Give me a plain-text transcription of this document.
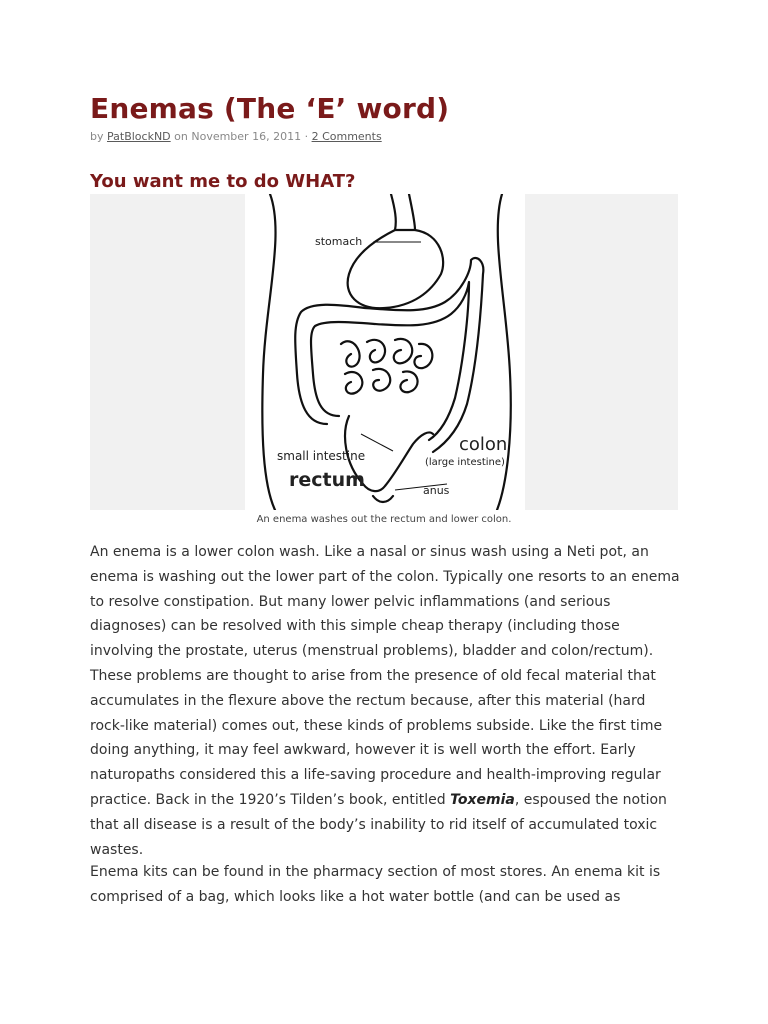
Enemas (The ‘E’ word)
by PatBlockND on November 16, 2011 · 2 Comments
You want me to do WHAT?
stomach
colon
(large intestine)
small intestine
rectum	anus
An enema washes out the rectum and lower colon.

An enema is a lower colon wash. Like a nasal or sinus wash using a Neti pot, an enema is washing out the lower part of the colon. Typically one resorts to an enema to resolve constipation. But many lower pelvic inflammations (and serious diagnoses) can be resolved with this simple cheap therapy (including those involving the prostate, uterus (menstrual problems), bladder and colon/rectum). These problems are thought to arise from the presence of old fecal material that accumulates in the flexure above the rectum because, after this material (hard rock-like material) comes out, these kinds of problems subside. Like the first time doing anything, it may feel awkward, however it is well worth the effort. Early naturopaths considered this a life-saving procedure and health-improving regular practice. Back in the 1920’s Tilden’s book, entitled Toxemia, espoused the notion that all disease is a result of the body’s inability to rid itself of accumulated toxic wastes.

Enema kits can be found in the pharmacy section of most stores. An enema kit is comprised of a bag, which looks like a hot water bottle (and can be used as
